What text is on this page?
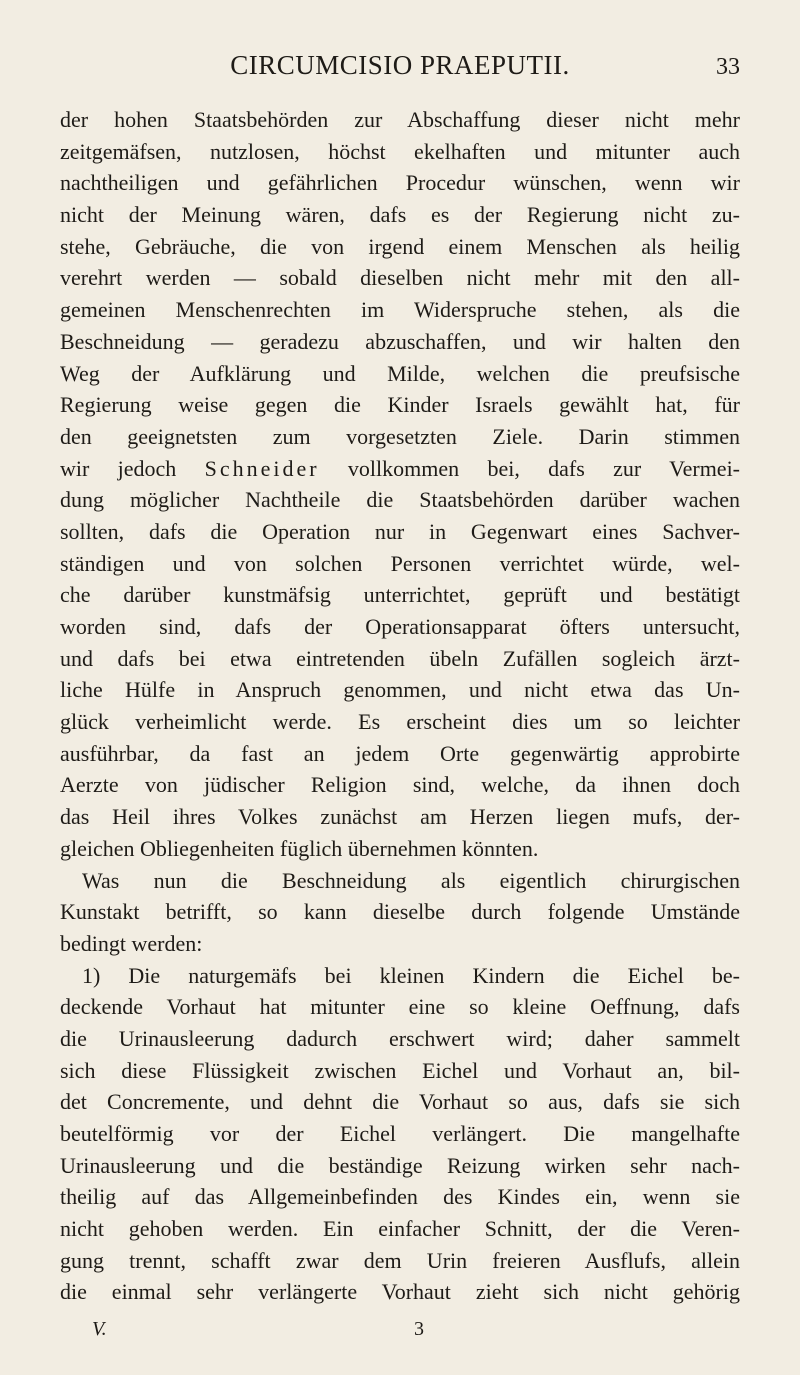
CIRCUMCISIO PRAEPUTII.	33
der hohen Staatsbehörden zur Abschaffung dieser nicht mehr
zeitgemäfsen, nutzlosen, höchst ekelhaften und mitunter auch
nachtheiligen und gefährlichen Procedur wünschen, wenn wir
nicht der Meinung wären, dafs es der Regierung nicht zu-
stehe, Gebräuche, die von irgend einem Menschen als heilig
verehrt werden — sobald dieselben nicht mehr mit den all-
gemeinen Menschenrechten im Widerspruche stehen, als die
Beschneidung — geradezu abzuschaffen, und wir halten den
Weg der Aufklärung und Milde, welchen die preufsische
Regierung weise gegen die Kinder Israels gewählt hat, für
den geeignetsten zum vorgesetzten Ziele. Darin stimmen
wir jedoch Schneider vollkommen bei, dafs zur Vermei-
dung möglicher Nachtheile die Staatsbehörden darüber wachen
sollten, dafs die Operation nur in Gegenwart eines Sachver-
ständigen und von solchen Personen verrichtet würde, wel-
che darüber kunstmäfsig unterrichtet, geprüft und bestätigt
worden sind, dafs der Operationsapparat öfters untersucht,
und dafs bei etwa eintretenden übeln Zufällen sogleich ärzt-
liche Hülfe in Anspruch genommen, und nicht etwa das Un-
glück verheimlicht werde. Es erscheint dies um so leichter
ausführbar, da fast an jedem Orte gegenwärtig approbirte
Aerzte von jüdischer Religion sind, welche, da ihnen doch
das Heil ihres Volkes zunächst am Herzen liegen mufs, der-
gleichen Obliegenheiten füglich übernehmen könnten.
Was nun die Beschneidung als eigentlich chirurgischen
Kunstakt betrifft, so kann dieselbe durch folgende Umstände
bedingt werden:
1) Die naturgemäfs bei kleinen Kindern die Eichel be-
deckende Vorhaut hat mitunter eine so kleine Oeffnung, dafs
die Urinausleerung dadurch erschwert wird; daher sammelt
sich diese Flüssigkeit zwischen Eichel und Vorhaut an, bil-
det Concremente, und dehnt die Vorhaut so aus, dafs sie sich
beutelförmig vor der Eichel verlängert. Die mangelhafte
Urinausleerung und die beständige Reizung wirken sehr nach-
theilig auf das Allgemeinbefinden des Kindes ein, wenn sie
nicht gehoben werden. Ein einfacher Schnitt, der die Veren-
gung trennt, schafft zwar dem Urin freieren Ausflufs, allein
die einmal sehr verlängerte Vorhaut zieht sich nicht gehörig
V.	3
